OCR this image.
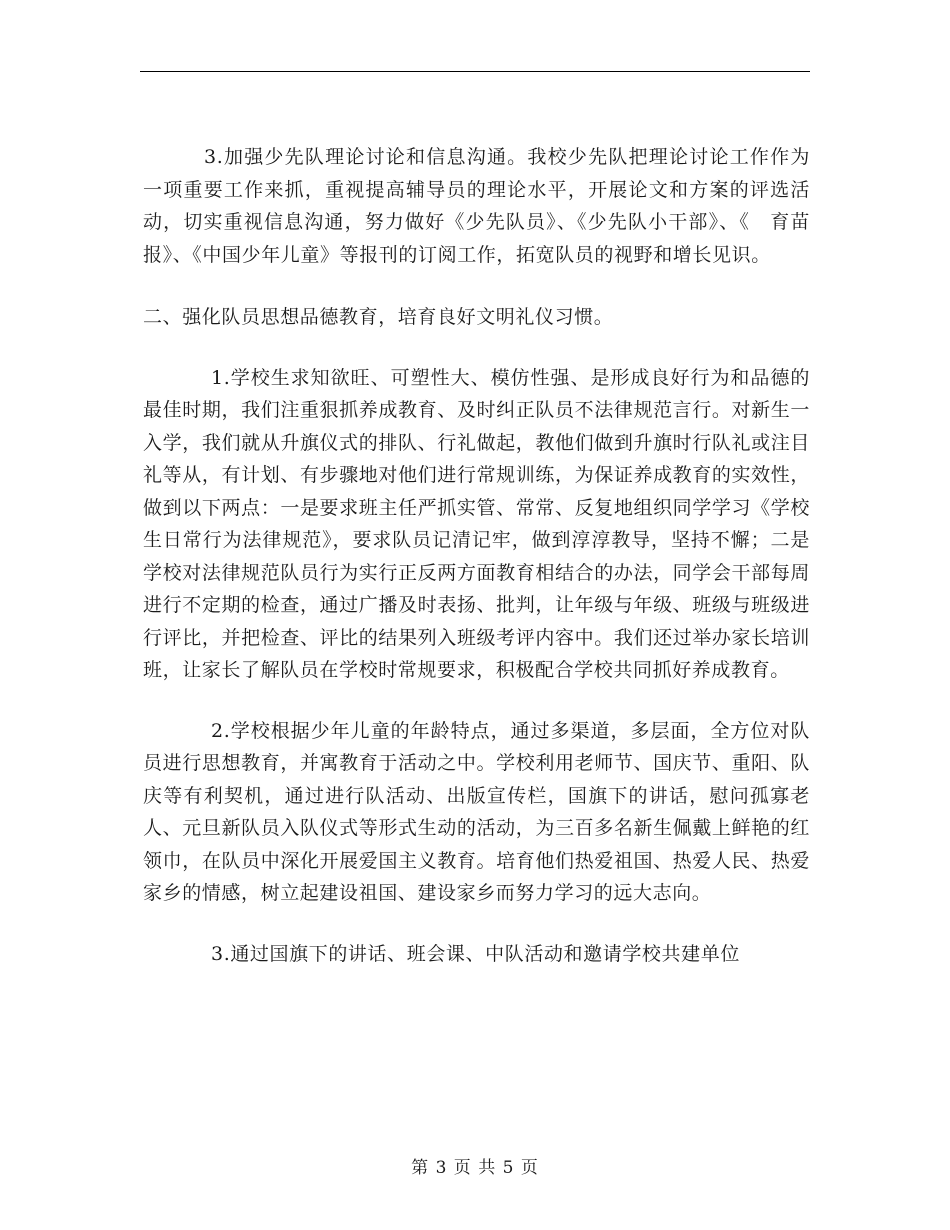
3.加强少先队理论讨论和信息沟通。我校少先队把理论讨论工作作为一项重要工作来抓，重视提高辅导员的理论水平，开展论文和方案的评选活动，切实重视信息沟通，努力做好《少先队员》、《少先队小干部》、《　育苗报》、《中国少年儿童》等报刊的订阅工作，拓宽队员的视野和增长见识。

二、强化队员思想品德教育，培育良好文明礼仪习惯。

1.学校生求知欲旺、可塑性大、模仿性强、是形成良好行为和品德的最佳时期，我们注重狠抓养成教育、及时纠正队员不法律规范言行。对新生一入学，我们就从升旗仪式的排队、行礼做起，教他们做到升旗时行队礼或注目礼等从，有计划、有步骤地对他们进行常规训练，为保证养成教育的实效性，做到以下两点：一是要求班主任严抓实管、常常、反复地组织同学学习《学校生日常行为法律规范》，要求队员记清记牢，做到淳淳教导，坚持不懈；二是学校对法律规范队员行为实行正反两方面教育相结合的办法，同学会干部每周进行不定期的检查，通过广播及时表扬、批判，让年级与年级、班级与班级进行评比，并把检查、评比的结果列入班级考评内容中。我们还过举办家长培训班，让家长了解队员在学校时常规要求，积极配合学校共同抓好养成教育。

2.学校根据少年儿童的年龄特点，通过多渠道，多层面，全方位对队员进行思想教育，并寓教育于活动之中。学校利用老师节、国庆节、重阳、队庆等有利契机，通过进行队活动、出版宣传栏，国旗下的讲话，慰问孤寡老人、元旦新队员入队仪式等形式生动的活动，为三百多名新生佩戴上鲜艳的红领巾，在队员中深化开展爱国主义教育。培育他们热爱祖国、热爱人民、热爱家乡的情感，树立起建设祖国、建设家乡而努力学习的远大志向。

3.通过国旗下的讲话、班会课、中队活动和邀请学校共建单位

第 3 页 共 5 页
